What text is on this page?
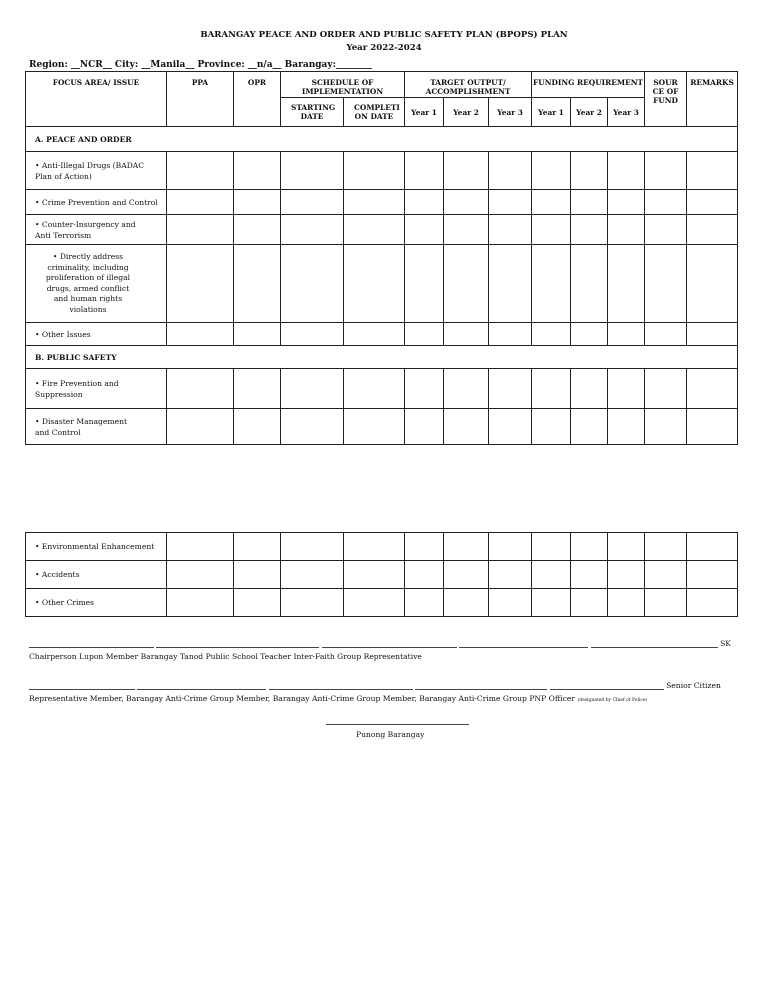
BARANGAY PEACE AND ORDER AND PUBLIC SAFETY PLAN (BPOPS) PLAN
Year 2022-2024
Region: __NCR__ City: __Manila__ Province: __n/a__ Barangay:________
FOCUS AREA/ ISSUE	PPA	OPR	SCHEDULE OF IMPLEMENTATION		TARGET OUTPUT/ ACCOMPLISHMENT			FUNDING REQUIREMENT			SOUR CE OF FUND	REMARKS
			STARTING DATE	COMPLETI ON DATE	Year 1	Year 2	Year 3	Year 1	Year 2	Year 3		
A. PEACE AND ORDER												
• Anti-Illegal Drugs (BADAC Plan of Action)												
• Crime Prevention and Control												
• Counter-Insurgency and Anti Terrorism												
• Directly address criminality, including proliferation of illegal drugs, armed conflict and human rights violations												
• Other Issues												
B. PUBLIC SAFETY												
• Fire Prevention and Suppression												
• Disaster Management and Control												
• Environmental Enhancement												
• Accidents												
• Other Crimes												
SK
Chairperson Lupon Member Barangay Tanod Public School Teacher Inter-Faith Group Representative
Senior Citizen
Representative Member, Barangay Anti-Crime Group Member, Barangay Anti-Crime Group Member, Barangay Anti-Crime Group PNP Officer (designated by Chief of Police)
Punong Barangay
